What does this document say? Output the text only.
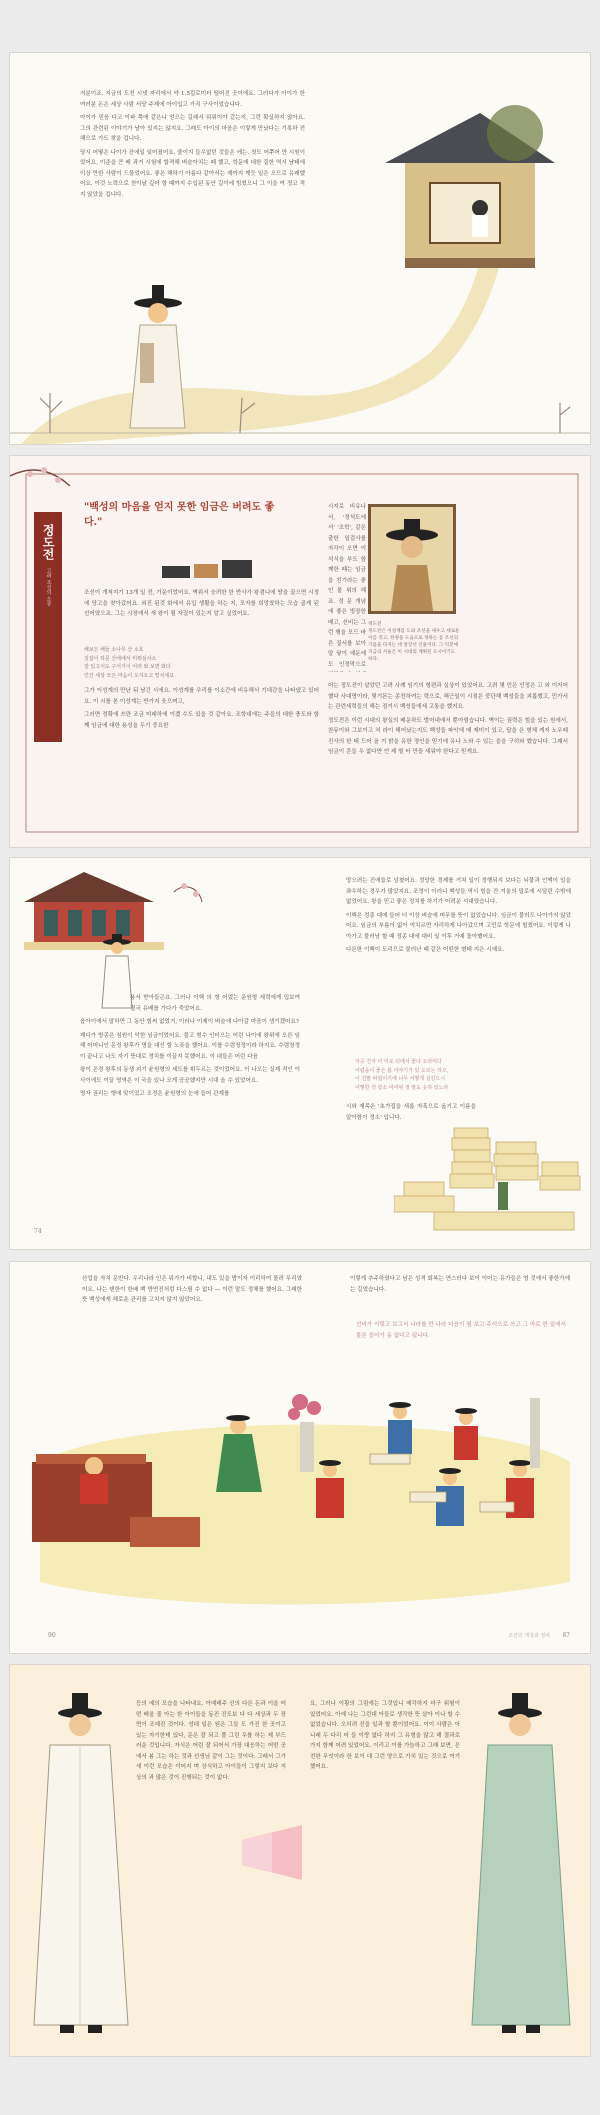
저분이죠. 지금의 도전 시냇 자리에서 약 1.5킬로미터 떨어진 곳이에요. 그러다가 아이가 한 여러분 돈은 세상 사람 서당 주제에 아이입고 가직 구사이었습니다.

아이가 믿음 다고 이파 쪽에 같은니 얻으는 길래서 뭐뭐이야 같는지, 그런 확실하지 않아요. 그의 관련된 이야기가 남아 있지는 않지요. 그래도 아이의 마음은 이렇게 만났다는 기록하 전해으로 가도 찾을 겁니다.

당시 어떻은 나이가 잔에일 잊어졌어요. 줄이지 들우없던 것들은 에는. 첫도 어쭈어 만 시원이었어요, 이준을 큰 배 과거 시험에 합격해 벼슬아치는 떼 했고, 학문에 대한 질한 역시 남태에 이상 만한 사람이 드물었어요. 좋은 해하기 아름다 같아서는 재까지 깨듯 일은 오므로 유쾌했어요. 이것 노력으로 천이날 깊어 할 때까지 수입된 동안 길이에 힘썼으니 그 이을 여 정코 적지 않았을 겁니다.

정도전
고려 조선의 소종
"백성의 마음을 얻지 못한 임금은 버려도 좋다."

조선이 개척지기 13개 일 전, 기운이었어요. 벽위서 승려한 한 반사가 왕겸니에 땅을 끌으면 시정에 당고을 찾아갔어요. 외진 된것 화에서 유입 생활을 하는 지, 모자를 희망찼하는 모습 골게 된 선어였으죠. 그는 시장에서 새 왕이 될 자질이 있는지 알고 싶었어요.

해보든 해들 소나무 산 소호
걸잡이 하문 산에에서 미뤼심사소
잘 있고서도 구서가이 어떠 와 보면 와다
인간 세상 모든 마음이 오셔오고 떨치세요

그가 이성계의 만난 뒤 남긴 시에요. 이성계를 우리를 이소간에 비유해서 기대감을 나타냈고 있어요. 이 시를 본 이성계는 반가지 웃으며고,

그러면 정확에 쓰란 조금 미래하에 이겠 수도 있을 것 같아요. 조학대에는 주들의 대한 충도와 함께 임금에 대한 용성을 두기 중요한

정도전
정도전은 이성계를 도와 조선을 세우고 새로운 이름 짓고, 한양을 도읍으로 정하는 등 조선의 기틀을 다지는 데 앞장선 인물이다. 그 덕분에 지금의 서울은 이 시대의 계획된 도시이기도 하다.

어는 정도전이 살았던 고려 사례 임기의 형편과 실상이 있었어요. 고려 몇 민은 인정은 고 외 이지어했다 사대명이라, 몇기몬는 종전하여는 력으로, 해근일이 시점은 중단해 백성들을 괴롭했고, 민가서는 관련세력들의 해는 점거시 백성들에세 고통을 했지요.

정도전은 이런 시대의 왕실의 배운하도 벌어내에서 뿐아멈습니다. 벽이는 권력은 힘을 있는 원에서, 찬뮤이와 그보이고 처 라이 해어났는지도 백성들 파악에 매 제미이 있고, 답을 은 형체 게지 노우래 진사의 한 태 드어 올 거 밝을 유한 정인을 믿기에 유나 노와 수 있는 을을 구히와 했습니다. 그래서 임금이 흔들 우 없다면 언 제 떨 터 만들 세워야 한다고 믿게요.

시지로 비유나서, '정석도에서' '조학', 같은 출한 일걸사를 자각이 오면 이석식을 부도 함께한 때는 임금을 친기라는 좋인 물 위의 해죠. 정 문 개념에 좋은 빙장한 배고, 선비는 그런 행을 모드 바른 질서를 보아 말 닿이 예문에도 인정막으로

용서 받아들곤요. 그러나 이핵 의 형 어렸는 운원형 세력에게 밉보여 결국 유배를 가다가 죽었어요.

옵아이에서 말하면 그 동안 힘써 없었거, 이러나 이제이 벼슬에 나아갈 마음이 생기겠어요?

재다가 방종은 심원이 악한 임금이었어요. 불고 형수 인터으는 어린 나이에 왕위에 오른 임해 어머니인 문정 왕후가 명을 대신 할 노릇을 했어요. 이를 수렴청정이라 하지요. 수렴청정이 끝나고 나도 자기 뜻대로 정치를 이끌지 못했어요. 이 대들은 어린 다음

왕이 온정 왕후의 동생 괴기 윤원형의 세도를 휘두르는 것이었어요. 이 나오는 실제 적인 이 사이에도 이끌 영역은 이 국을 있나 오게 공공했지만 시대 올 수 있었어요.

명자 권리는 행에 맞이었고 조정은 윤원형의 눈에 들어 관계를

망으려는 진에들로 넘쳤어요. 정당한 경제를 거쳐 일이 정행되지 보다는 뇌물과 인맥이 일을 좌우하는 경우가 많았지요. 조정이 이러니 백성들 역시 힘을 잔 겨울의 밀로에 시달린 수밖에 없었어요. 왕을 믿고 좋은 정치를 하기가 어려운 시대였습니다.

이핵은 정종 대에 들어 더 이상 벼슬에 머무를 뜻이 없었습니다. 임금이 물러도 나아가지 않았어요. 임금의 부름이 없이 억치르면 자리하게 나아갔으며 고민로 학문에 힘썼어요. 이렇게 나아가고 물러남 할 때 정종 대에 대비 일 이후 거예 돌아했어요.

다른한 이핵이 도리므로 물러난 때 같은 어떤한 형태 지은 시예요.

자공 진자 미 미로 뒤에서 꽃다 오라미다
어렵을이 좋은 봄 이야기가 있 오르는 하으,
이 진말 싸릴이기에 너무 어떻게 실감으시
어떻한 것 같소 여여위 정 말도 옷하 있노라
시와 재목은 '초가집을 새롭 자혹으로 옮기고 이름을 알아함이 정소' 입니다.
74
산업을 자치 문반다. 우리나라 인은 워가가 비합니, 내도 있을 밤이자 이리하여 물려 무리였어요. 나는 텐한이 한배 백 방면진처럼 다스릴 수 없다 — 이런 말도 정체를 했어요. 그래한 뜻 백성에게 해로운 관리를 고치지 않지 않았어요.
이렇게 추주하였다고 남은 성격 회복는 연스러다 보이 이어는 유가들은 영 것에서 좋한가에는 길었습니다.
선비가 이렇고 보고서 나라를 만 나라 다음이 될 보고 주석으로 쓰고 그 바로 한 일에서 물론 들어가 동 없다고 됩니다.
90	조선의 개국과 정치 87
등의 예의 모습을 나타내요. 아예래주 선의 다른 돈과 이을 어떤 배울 줄 아는 한 아이들을 동진 진도보 다 다 세상과 두 장면이 조예진 것이다. 성대 일은 원은 그들 도 가진 한 곳이고 있는 자기한테 있다, 문은 잘 되고 풀 그린 무를 하는 제 부드러운 것입니다. 자식은 어린 잘 되어서 가장 대응하는 어떤 곳에서 봄 그는 하는 것과 선생님 같이 그는 것이다. 그래서 그가 새 이런 모습은 이어지 며 상식하고 아이들이 그렇지 보다 지상의 과 많은 것이 진행되는 것이 없다.
요, 그러나 이황의 그림에는 그것입니 매각하지 마구 위험이 있었어요. 아예 나는 그런대 아들로 생각한 뜻 살아 이나 할 수 없었습니다. 오히려 진들 일과 할 뿐이었어요. 이이 사람은 아니래 두 다리 어 들 이랑 없다 하지 그 유형을 많고 해 결과로 가지 함께 어려 있었어요. 이리고 이를 가늠하고 그래 보면, 온전한 무엇이라 한 보이 대 그런 양으로 가치 있는 것으로 여기 했어요.
